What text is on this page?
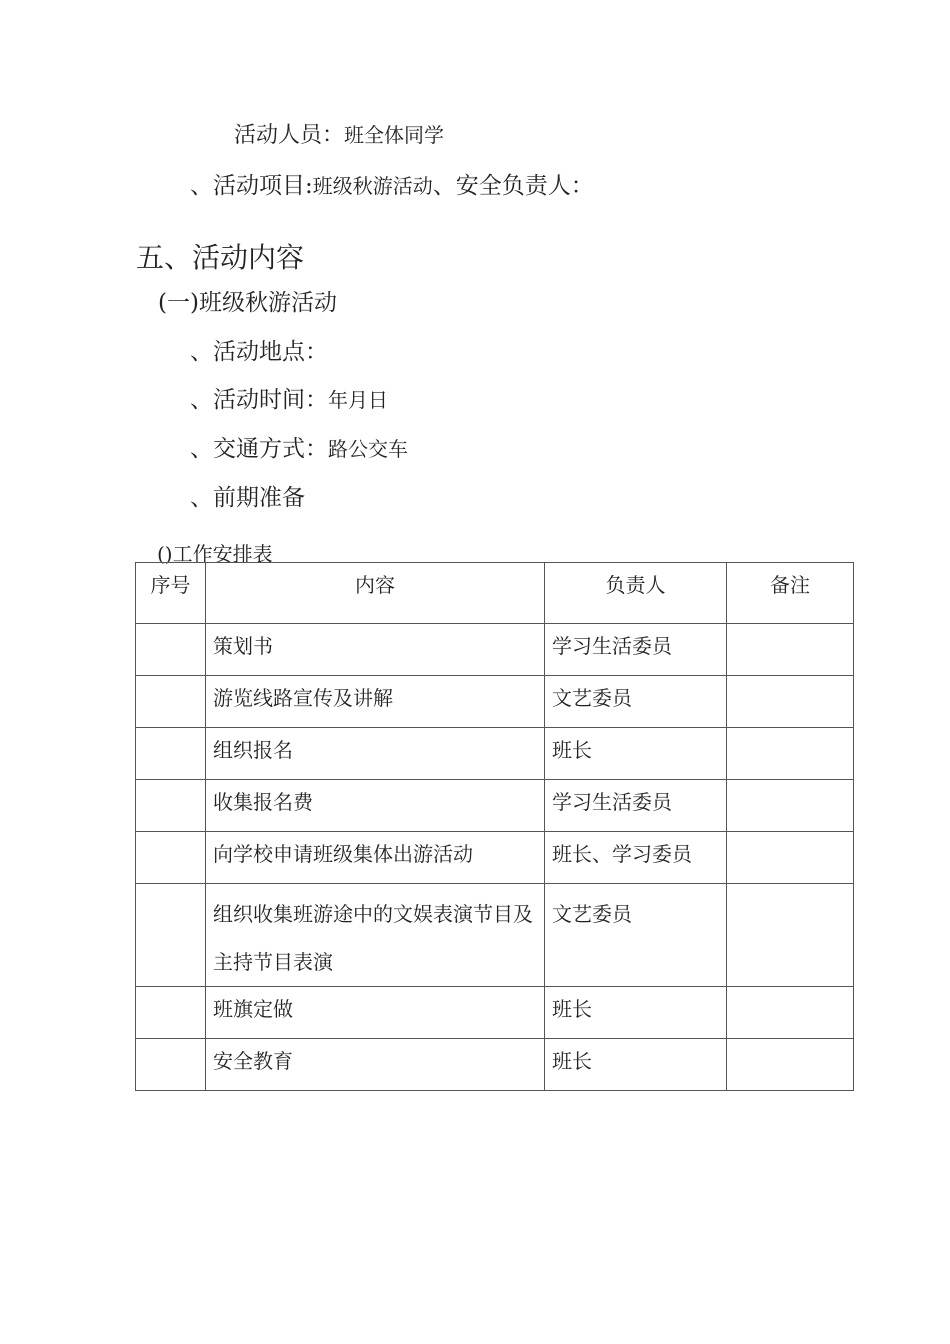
活动人员：班全体同学
、活动项目:班级秋游活动、安全负责人：
五、活动内容
(一)班级秋游活动
、活动地点：
、活动时间：年月日
、交通方式：路公交车
、前期准备
()工作安排表
序号	内容	负责人	备注
	策划书	学习生活委员	
	游览线路宣传及讲解	文艺委员	
	组织报名	班长	
	收集报名费	学习生活委员	
	向学校申请班级集体出游活动	班长、学习委员	
	组织收集班游途中的文娱表演节目及主持节目表演	文艺委员	
	班旗定做	班长	
	安全教育	班长	
